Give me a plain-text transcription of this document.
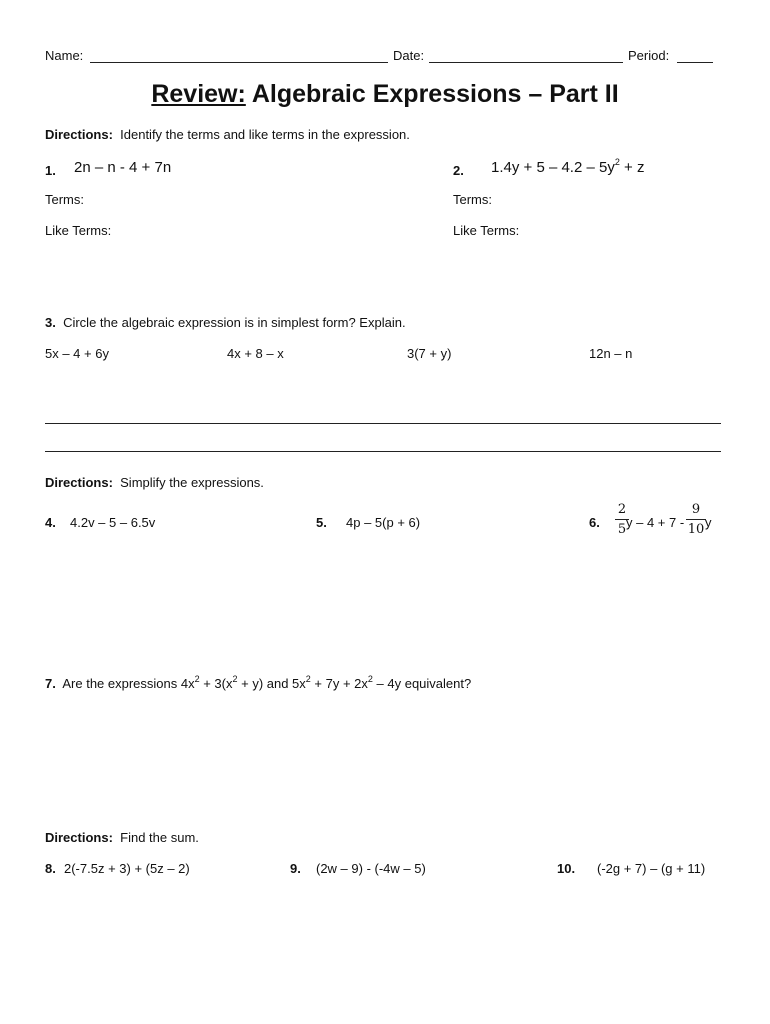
Name:	Date:	Period:
Review: Algebraic Expressions – Part II
Directions: Identify the terms and like terms in the expression.
1. 2n – n - 4 + 7n
Terms:
Like Terms:
2. $1.4y + 5 - 4.2 - 5y^2 + z$
Terms:
Like Terms:
3. Circle the algebraic expression is in simplest form? Explain.
5x – 4 + 6y	4x + 8 – x	3(7 + y)	12n – n
Directions: Simplify the expressions.
4. 4.2v – 5 – 6.5v	5. 4p – 5(p + 6)	6.
2
5 y – 4 + 7 -
9
10 y
7. Are the expressions $4x^2 + 3(x^2 + y)$ and $5x^2 + 7y + 2x^2 - 4y$ equivalent?
Directions: Find the sum.
8. 2(-7.5z + 3) + (5z – 2)	9. (2w – 9) - (-4w – 5)	10. (-2g + 7) – (g + 11)
